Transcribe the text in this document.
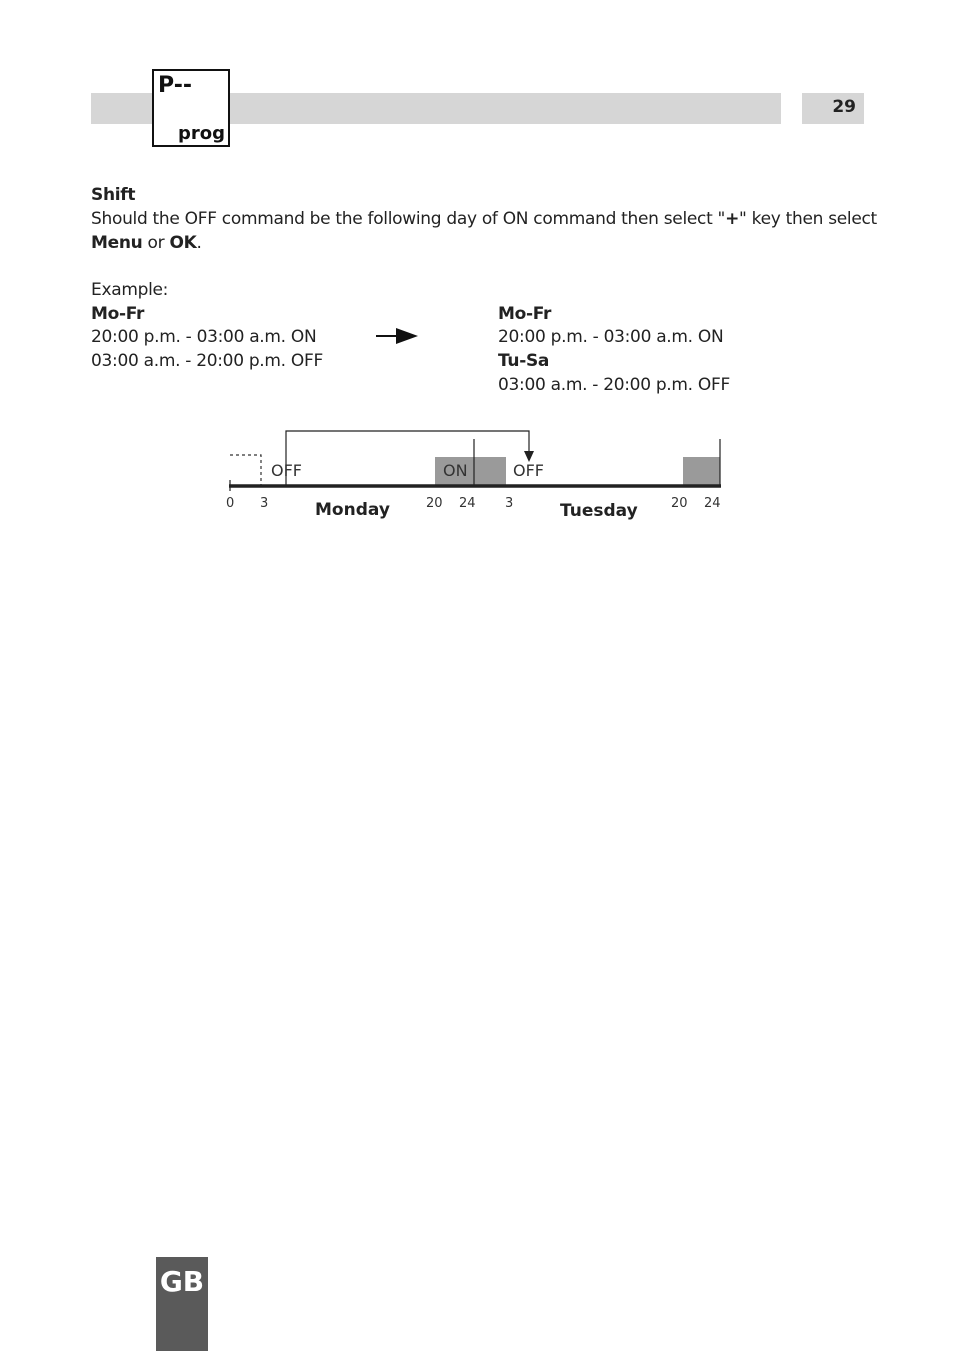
29
P--
prog
Shift
Should the OFF command be the following day of ON command then select "+" key then select
Menu or OK.
Example:
Mo-Fr
20:00 p.m. - 03:00 a.m. ON
03:00 a.m. - 20:00 p.m. OFF
Mo-Fr
20:00 p.m. - 03:00 a.m. ON
Tu-Sa
03:00 a.m. - 20:00 p.m. OFF
OFF	ON	OFF
0 3	20 24 3	20 24
Monday	Tuesday
GB
